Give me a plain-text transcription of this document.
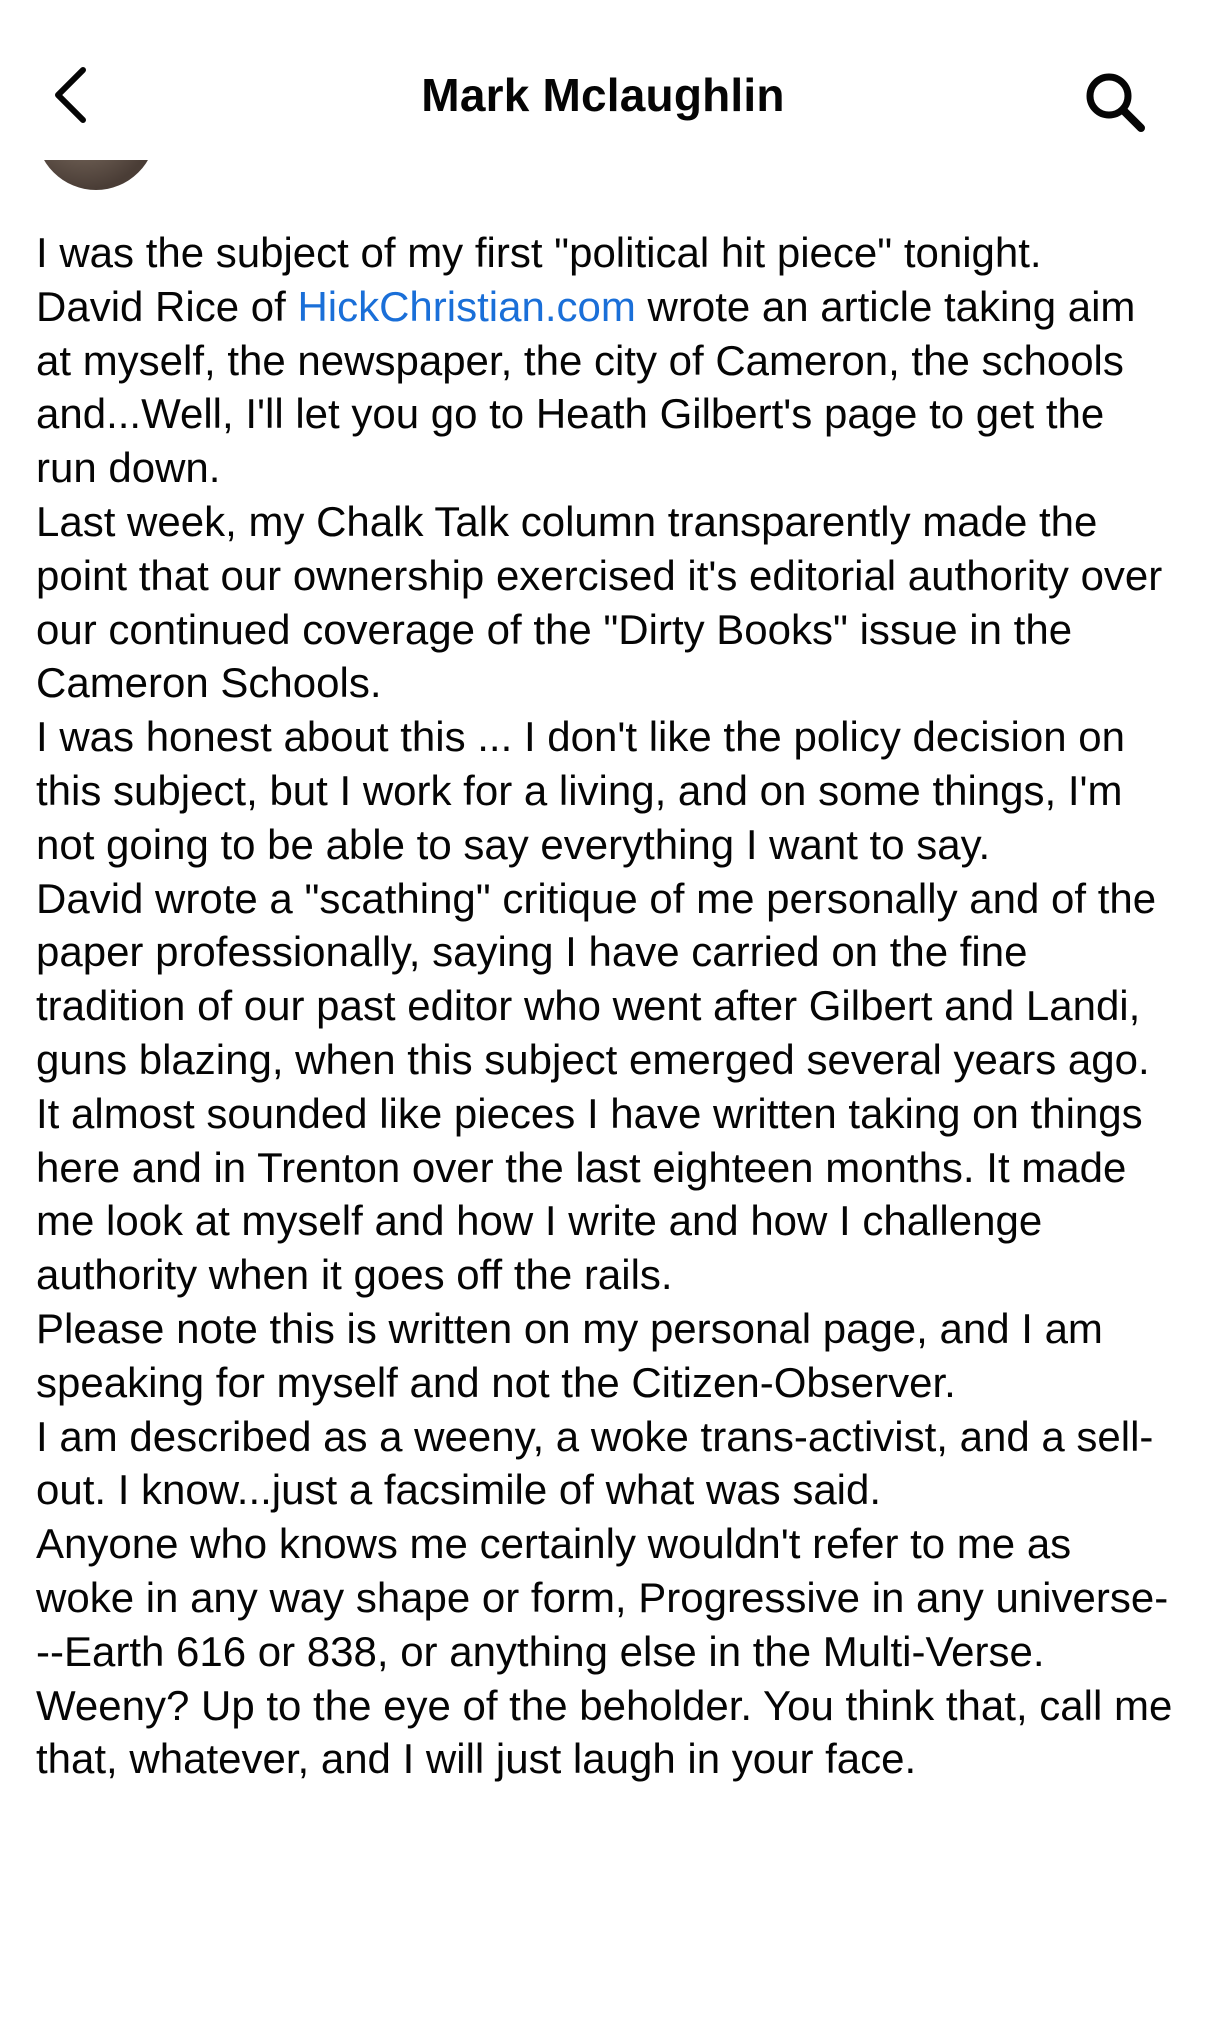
Mark Mclaughlin

I was the subject of my first "political hit piece" tonight.

David Rice of HickChristian.com wrote an article taking aim at myself, the newspaper, the city of Cameron, the schools and...Well, I'll let you go to Heath Gilbert's page to get the run down.

Last week, my Chalk Talk column transparently made the point that our ownership exercised it's editorial authority over our continued coverage of the "Dirty Books" issue in the Cameron Schools.

I was honest about this ... I don't like the policy decision on this subject, but I work for a living, and on some things, I'm not going to be able to say everything I want to say.

David wrote a "scathing" critique of me personally and of the paper professionally, saying I have carried on the fine tradition of our past editor who went after Gilbert and Landi, guns blazing, when this subject emerged several years ago.

It almost sounded like pieces I have written taking on things here and in Trenton over the last eighteen months. It made me look at myself and how I write and how I challenge authority when it goes off the rails.

Please note this is written on my personal page, and I am speaking for myself and not the Citizen-Observer.

I am described as a weeny, a woke trans-activist, and a sell-out. I know...just a facsimile of what was said.

Anyone who knows me certainly wouldn't refer to me as woke in any way shape or form, Progressive in any universe---Earth 616 or 838, or anything else in the Multi-Verse.

Weeny? Up to the eye of the beholder. You think that, call me that, whatever, and I will just laugh in your face.
